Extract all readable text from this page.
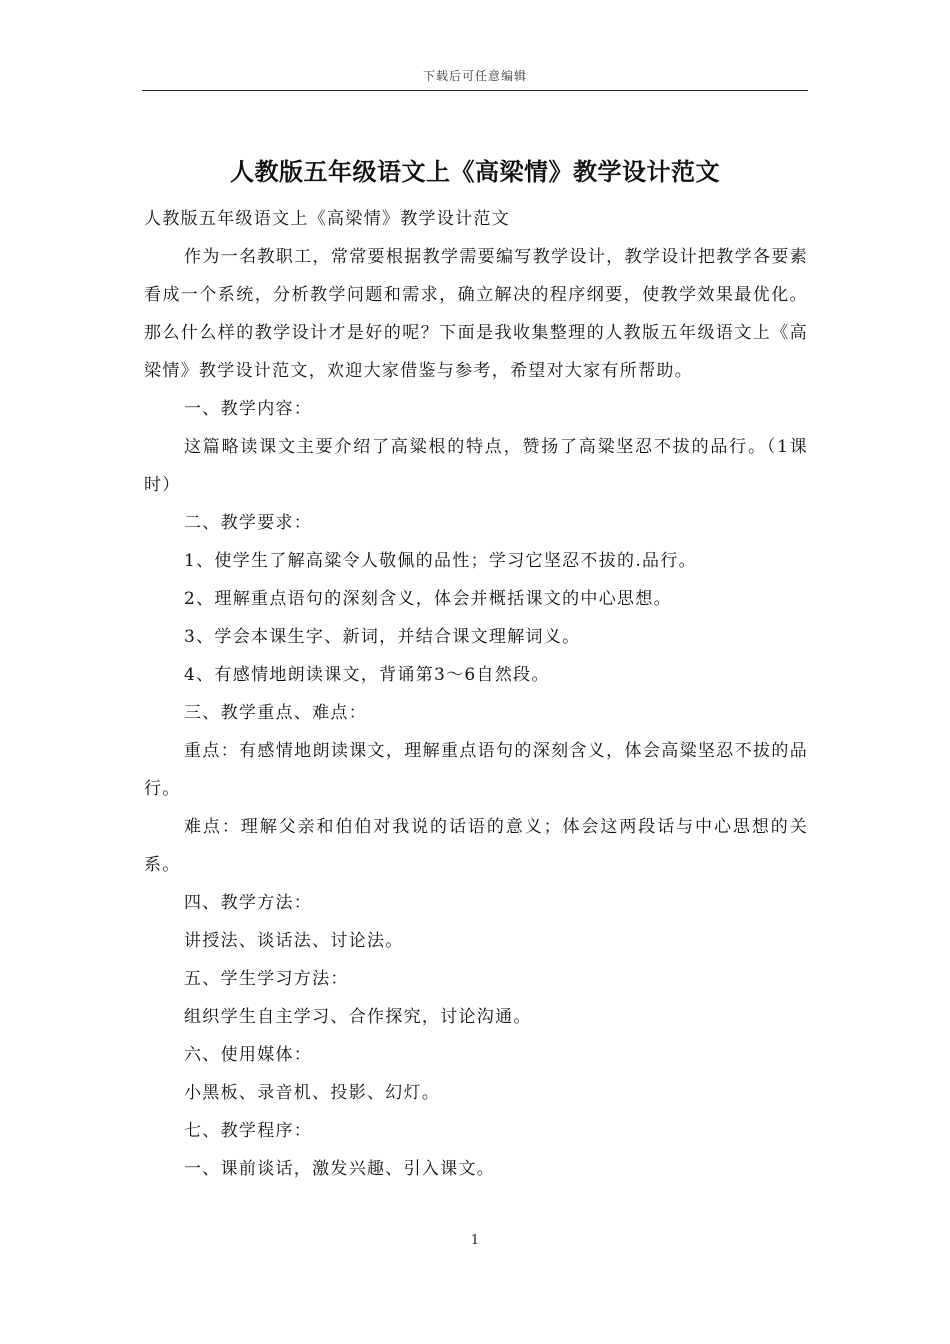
下载后可任意编辑
人教版五年级语文上《高梁情》教学设计范文

人教版五年级语文上《高梁情》教学设计范文

作为一名教职工，常常要根据教学需要编写教学设计，教学设计把教学各要素看成一个系统，分析教学问题和需求，确立解决的程序纲要，使教学效果最优化。那么什么样的教学设计才是好的呢？下面是我收集整理的人教版五年级语文上《高梁情》教学设计范文，欢迎大家借鉴与参考，希望对大家有所帮助。

一、教学内容：

这篇略读课文主要介绍了高粱根的特点，赞扬了高粱坚忍不拔的品行。（1课时）

二、教学要求：

1、使学生了解高粱令人敬佩的品性；学习它坚忍不拔的.品行。

2、理解重点语句的深刻含义，体会并概括课文的中心思想。

3、学会本课生字、新词，并结合课文理解词义。

4、有感情地朗读课文，背诵第3～6自然段。

三、教学重点、难点：

重点：有感情地朗读课文，理解重点语句的深刻含义，体会高粱坚忍不拔的品行。

难点：理解父亲和伯伯对我说的话语的意义；体会这两段话与中心思想的关系。

四、教学方法：

讲授法、谈话法、讨论法。

五、学生学习方法：

组织学生自主学习、合作探究，讨论沟通。

六、使用媒体：

小黑板、录音机、投影、幻灯。

七、教学程序：

一、课前谈话，激发兴趣、引入课文。

1
